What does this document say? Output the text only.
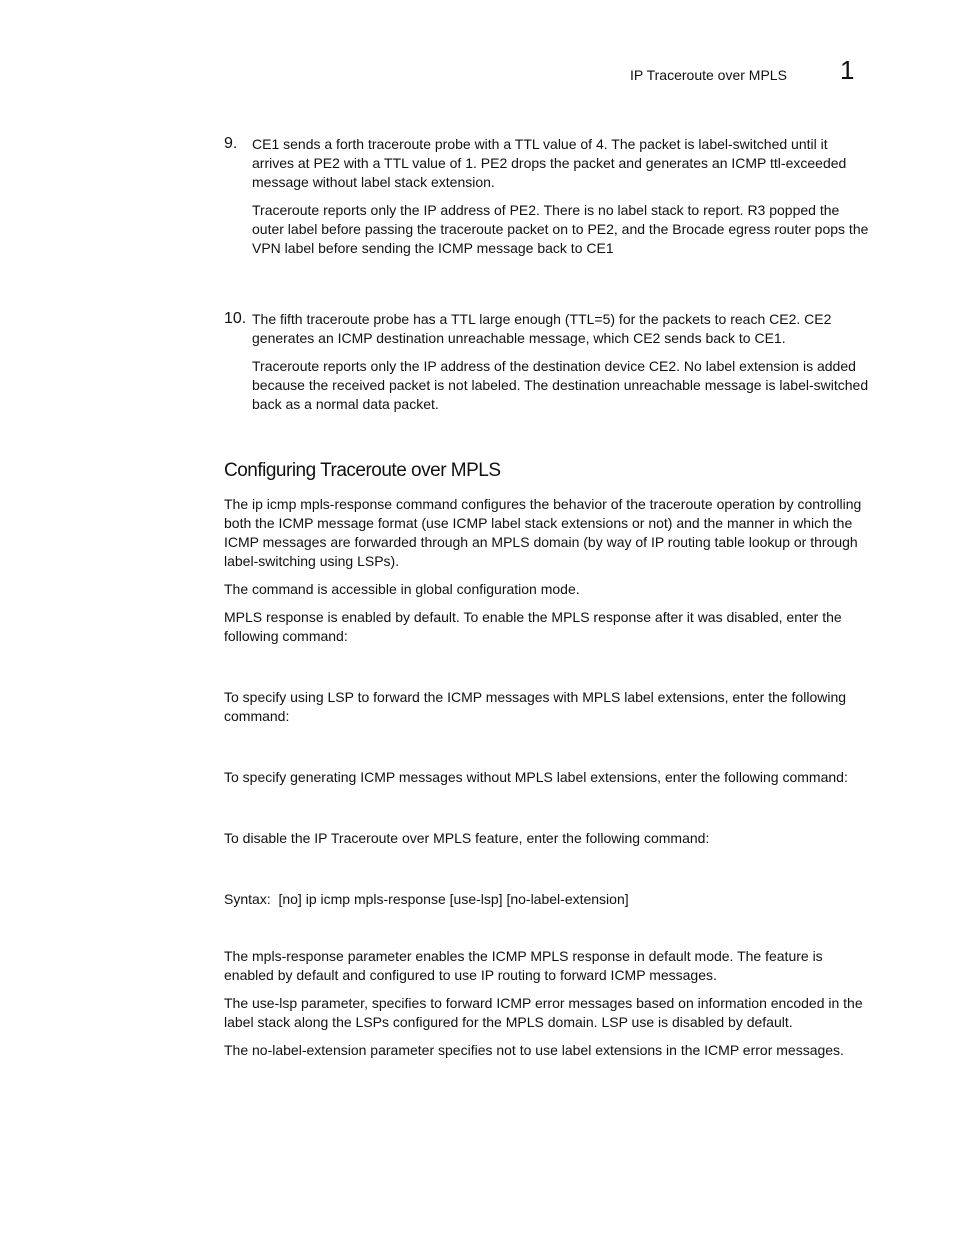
IP Traceroute over MPLS 1
9. CE1 sends a forth traceroute probe with a TTL value of 4. The packet is label-switched until it arrives at PE2 with a TTL value of 1. PE2 drops the packet and generates an ICMP ttl-exceeded message without label stack extension.

Traceroute reports only the IP address of PE2. There is no label stack to report. R3 popped the outer label before passing the traceroute packet on to PE2, and the Brocade egress router pops the VPN label before sending the ICMP message back to CE1

10. The fifth traceroute probe has a TTL large enough (TTL=5) for the packets to reach CE2. CE2 generates an ICMP destination unreachable message, which CE2 sends back to CE1.

Traceroute reports only the IP address of the destination device CE2. No label extension is added because the received packet is not labeled. The destination unreachable message is label-switched back as a normal data packet.

Configuring Traceroute over MPLS

The ip icmp mpls-response command configures the behavior of the traceroute operation by controlling both the ICMP message format (use ICMP label stack extensions or not) and the manner in which the ICMP messages are forwarded through an MPLS domain (by way of IP routing table lookup or through label-switching using LSPs).

The command is accessible in global configuration mode.

MPLS response is enabled by default. To enable the MPLS response after it was disabled, enter the following command:

To specify using LSP to forward the ICMP messages with MPLS label extensions, enter the following command:

To specify generating ICMP messages without MPLS label extensions, enter the following command:

To disable the IP Traceroute over MPLS feature, enter the following command:

Syntax:  [no] ip icmp mpls-response [use-lsp] [no-label-extension]

The mpls-response parameter enables the ICMP MPLS response in default mode. The feature is enabled by default and configured to use IP routing to forward ICMP messages.

The use-lsp parameter, specifies to forward ICMP error messages based on information encoded in the label stack along the LSPs configured for the MPLS domain. LSP use is disabled by default.

The no-label-extension parameter specifies not to use label extensions in the ICMP error messages.
